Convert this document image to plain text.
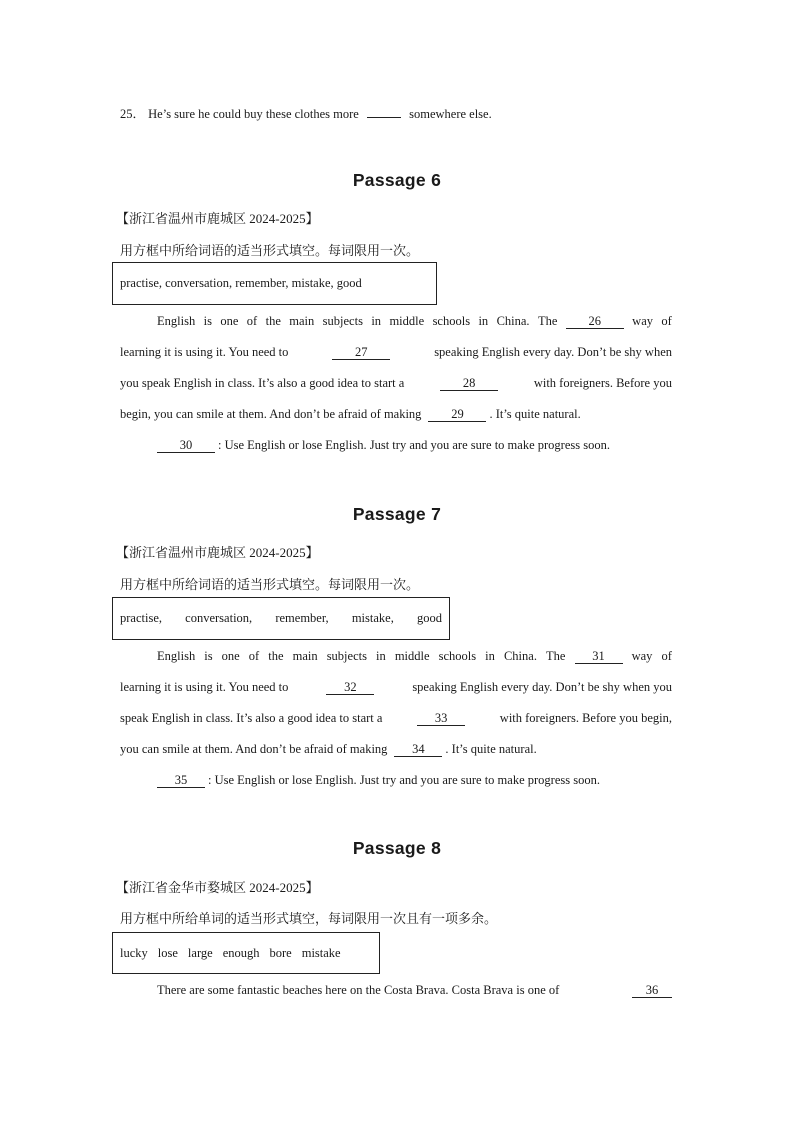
25． He’s sure he could buy these clothes more	somewhere else.
Passage 6
【浙江省温州市鹿城区 2024-2025】
用方框中所给词语的适当形式填空。每词限用一次。
practise, conversation, remember, mistake, good
English is one of the main subjects in middle schools in China. The	26	way of
learning it is using it. You need to	27	speaking English every day. Don’t be shy when
you speak English in class. It’s also a good idea to start a	28	with foreigners. Before you
begin, you can smile at them. And don’t be afraid of making	29	. It’s quite natural.
30	: Use English or lose English. Just try and you are sure to make progress soon.
Passage 7
【浙江省温州市鹿城区 2024-2025】
用方框中所给词语的适当形式填空。每词限用一次。
practise, conversation, remember, mistake, good
English is one of the main subjects in middle schools in China. The	31	way of
learning it is using it. You need to	32	speaking English every day. Don’t be shy when you
speak English in class. It’s also a good idea to start a	33	with foreigners. Before you begin,
you can smile at them. And don’t be afraid of making	34	. It’s quite natural.
35	: Use English or lose English. Just try and you are sure to make progress soon.
Passage 8
【浙江省金华市婺城区 2024-2025】
用方框中所给单词的适当形式填空，每词限用一次且有一项多余。
lucky lose large enough bore mistake
There are some fantastic beaches here on the Costa Brava. Costa Brava is one of	36
